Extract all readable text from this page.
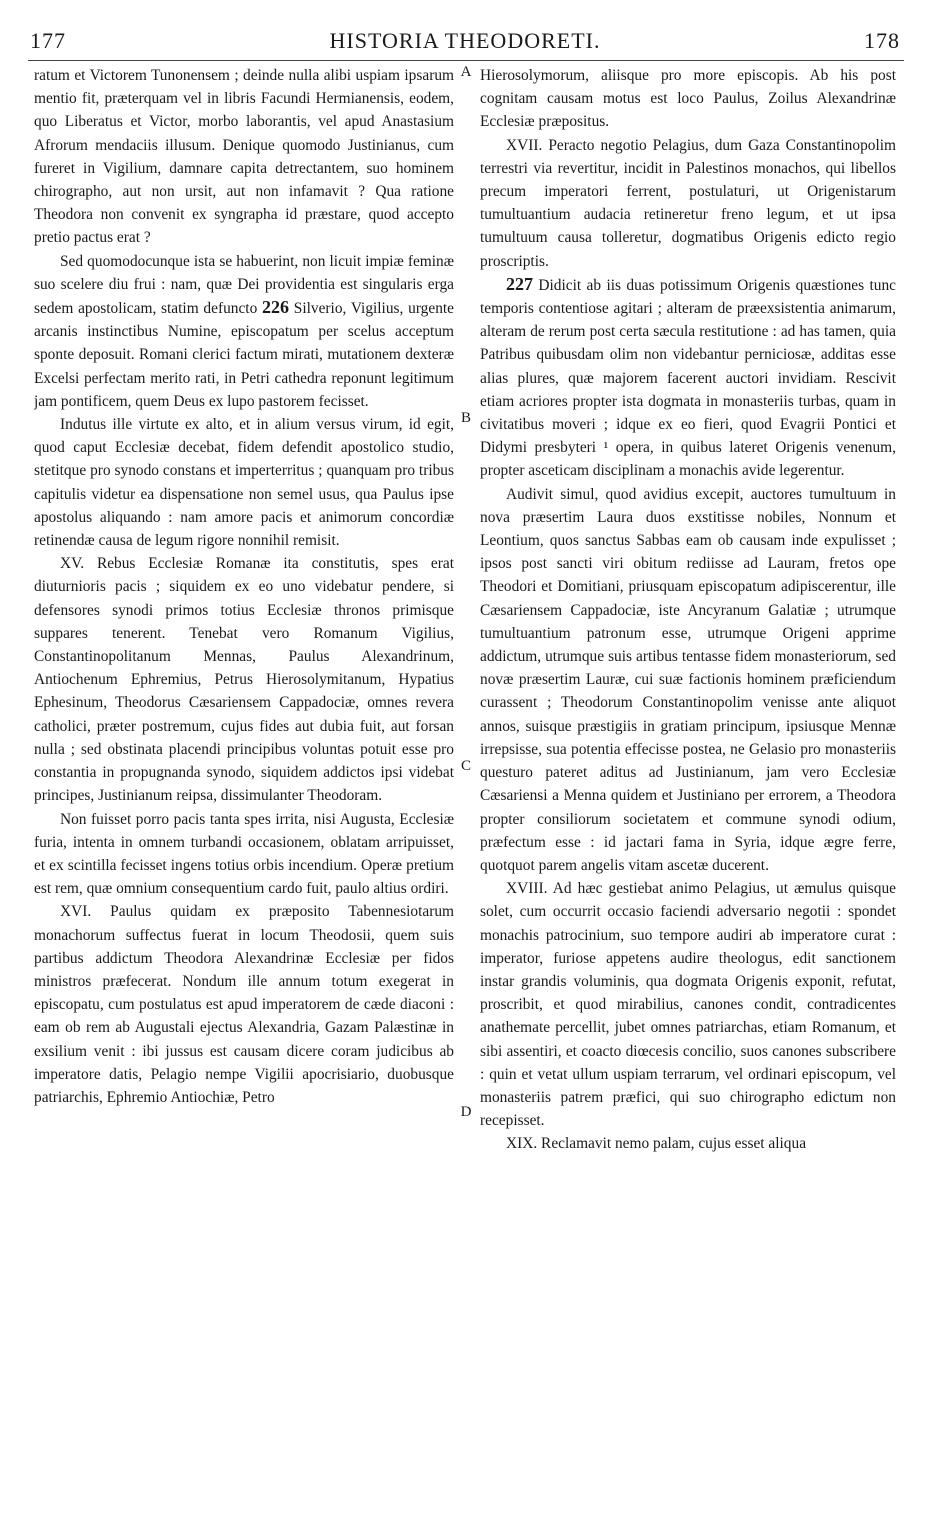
177	HISTORIA THEODORETI.	178
A
B
C
D

ratum et Victorem Tunonensem ; deinde nulla alibi uspiam ipsarum mentio fit, præterquam vel in libris Facundi Hermianensis, eodem, quo Liberatus et Victor, morbo laborantis, vel apud Anastasium Afrorum mendaciis illusum. Denique quomodo Justinianus, cum fureret in Vigilium, damnare capita detrectantem, suo hominem chirographo, aut non ursit, aut non infamavit ? Qua ratione Theodora non convenit ex syngrapha id præstare, quod accepto pretio pactus erat ?

Sed quomodocunque ista se habuerint, non licuit impiæ feminæ suo scelere diu frui : nam, quæ Dei providentia est singularis erga sedem apostolicam, statim defuncto 226 Silverio, Vigilius, urgente arcanis instinctibus Numine, episcopatum per scelus acceptum sponte deposuit. Romani clerici factum mirati, mutationem dexteræ Excelsi perfectam merito rati, in Petri cathedra reponunt legitimum jam pontificem, quem Deus ex lupo pastorem fecisset.

Indutus ille virtute ex alto, et in alium versus virum, id egit, quod caput Ecclesiæ decebat, fidem defendit apostolico studio, stetitque pro synodo constans et imperterritus ; quanquam pro tribus capitulis videtur ea dispensatione non semel usus, qua Paulus ipse apostolus aliquando : nam amore pacis et animorum concordiæ retinendæ causa de legum rigore nonnihil remisit.

XV. Rebus Ecclesiæ Romanæ ita constitutis, spes erat diuturnioris pacis ; siquidem ex eo uno videbatur pendere, si defensores synodi primos totius Ecclesiæ thronos primisque suppares tenerent. Tenebat vero Romanum Vigilius, Constantinopolitanum Mennas, Paulus Alexandrinum, Antiochenum Ephremius, Petrus Hierosolymitanum, Hypatius Ephesinum, Theodorus Cæsariensem Cappadociæ, omnes revera catholici, præter postremum, cujus fides aut dubia fuit, aut forsan nulla ; sed obstinata placendi principibus voluntas potuit esse pro constantia in propugnanda synodo, siquidem addictos ipsi videbat principes, Justinianum reipsa, dissimulanter Theodoram.

Non fuisset porro pacis tanta spes irrita, nisi Augusta, Ecclesiæ furia, intenta in omnem turbandi occasionem, oblatam arripuisset, et ex scintilla fecisset ingens totius orbis incendium. Operæ pretium est rem, quæ omnium consequentium cardo fuit, paulo altius ordiri.

XVI. Paulus quidam ex præposito Tabennesiotarum monachorum suffectus fuerat in locum Theodosii, quem suis partibus addictum Theodora Alexandrinæ Ecclesiæ per fidos ministros præfecerat. Nondum ille annum totum exegerat in episcopatu, cum postulatus est apud imperatorem de cæde diaconi : eam ob rem ab Augustali ejectus Alexandria, Gazam Palæstinæ in exsilium venit : ibi jussus est causam dicere coram judicibus ab imperatore datis, Pelagio nempe Vigilii apocrisiario, duobusque patriarchis, Ephremio Antiochiæ, Petro

Hierosolymorum, aliisque pro more episcopis. Ab his post cognitam causam motus est loco Paulus, Zoilus Alexandrinæ Ecclesiæ præpositus.

XVII. Peracto negotio Pelagius, dum Gaza Constantinopolim terrestri via revertitur, incidit in Palestinos monachos, qui libellos precum imperatori ferrent, postulaturi, ut Origenistarum tumultuantium audacia retineretur freno legum, et ut ipsa tumultuum causa tolleretur, dogmatibus Origenis edicto regio proscriptis.

227 Didicit ab iis duas potissimum Origenis quæstiones tunc temporis contentiose agitari ; alteram de præexsistentia animarum, alteram de rerum post certa sæcula restitutione : ad has tamen, quia Patribus quibusdam olim non videbantur perniciosæ, additas esse alias plures, quæ majorem facerent auctori invidiam. Rescivit etiam acriores propter ista dogmata in monasteriis turbas, quam in civitatibus moveri ; idque ex eo fieri, quod Evagrii Pontici et Didymi presbyteri ¹ opera, in quibus lateret Origenis venenum, propter asceticam disciplinam a monachis avide legerentur.

Audivit simul, quod avidius excepit, auctores tumultuum in nova præsertim Laura duos exstitisse nobiles, Nonnum et Leontium, quos sanctus Sabbas eam ob causam inde expulisset ; ipsos post sancti viri obitum rediisse ad Lauram, fretos ope Theodori et Domitiani, priusquam episcopatum adipiscerentur, ille Cæsariensem Cappadociæ, iste Ancyranum Galatiæ ; utrumque tumultuantium patronum esse, utrumque Origeni apprime addictum, utrumque suis artibus tentasse fidem monasteriorum, sed novæ præsertim Lauræ, cui suæ factionis hominem præficiendum curassent ; Theodorum Constantinopolim venisse ante aliquot annos, suisque præstigiis in gratiam principum, ipsiusque Mennæ irrepsisse, sua potentia effecisse postea, ne Gelasio pro monasteriis questuro pateret aditus ad Justinianum, jam vero Ecclesiæ Cæsariensi a Menna quidem et Justiniano per errorem, a Theodora propter consiliorum societatem et commune synodi odium, præfectum esse : id jactari fama in Syria, idque ægre ferre, quotquot parem angelis vitam ascetæ ducerent.

XVIII. Ad hæc gestiebat animo Pelagius, ut æmulus quisque solet, cum occurrit occasio faciendi adversario negotii : spondet monachis patrocinium, suo tempore audiri ab imperatore curat : imperator, furiose appetens audire theologus, edit sanctionem instar grandis voluminis, qua dogmata Origenis exponit, refutat, proscribit, et quod mirabilius, canones condit, contradicentes anathemate percellit, jubet omnes patriarchas, etiam Romanum, et sibi assentiri, et coacto diœcesis concilio, suos canones subscribere : quin et vetat ullum uspiam terrarum, vel ordinari episcopum, vel monasteriis patrem præfici, qui suo chirographo edictum non recepisset.

XIX. Reclamavit nemo palam, cujus esset aliqua
